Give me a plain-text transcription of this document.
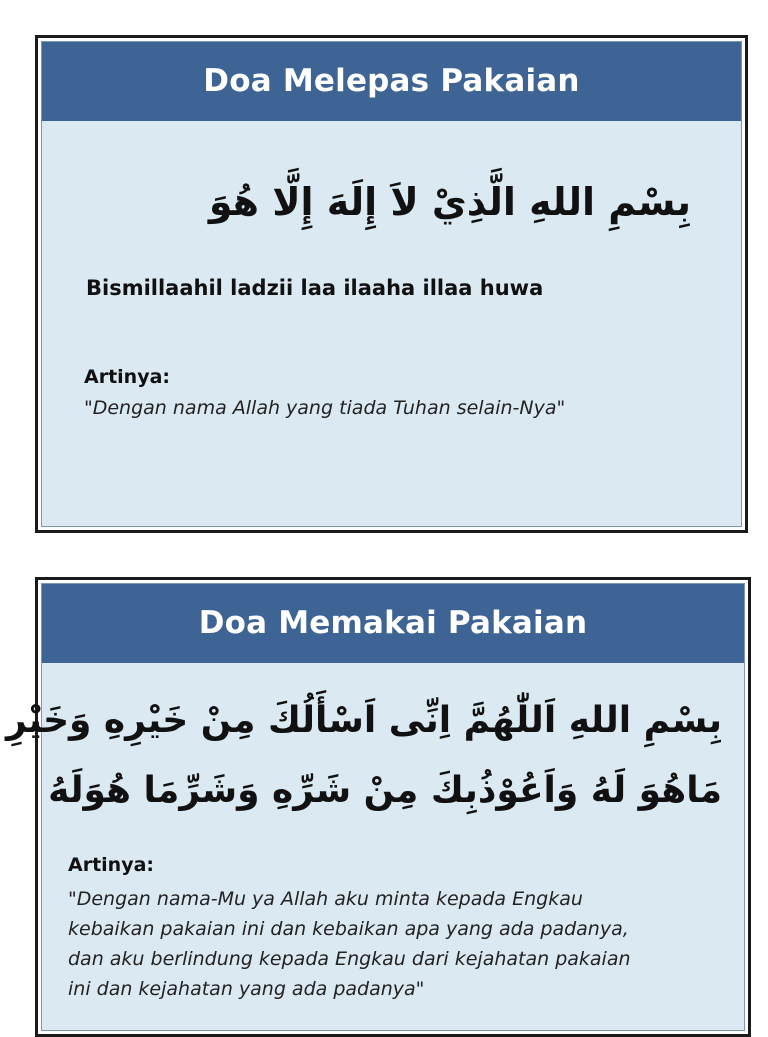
Doa Melepas Pakaian
بِسْمِ اللهِ الَّذِيْ لاَ إِلَهَ إِلَّا هُوَ
Bismillaahil ladzii laa ilaaha illaa huwa
Artinya:
"Dengan nama Allah yang tiada Tuhan selain-Nya"
Doa Memakai Pakaian
بِسْمِ اللهِ اَللّٰهُمَّ اِنِّى اَسْأَلُكَ مِنْ خَيْرِهِ وَخَيْرِ
مَاهُوَ لَهُ وَاَعُوْذُبِكَ مِنْ شَرِّهِ وَشَرِّمَا هُوَلَهُ
Artinya:
"Dengan nama-Mu ya Allah aku minta kepada Engkau
kebaikan pakaian ini dan kebaikan apa yang ada padanya,
dan aku berlindung kepada Engkau dari kejahatan pakaian
ini dan kejahatan yang ada padanya"
